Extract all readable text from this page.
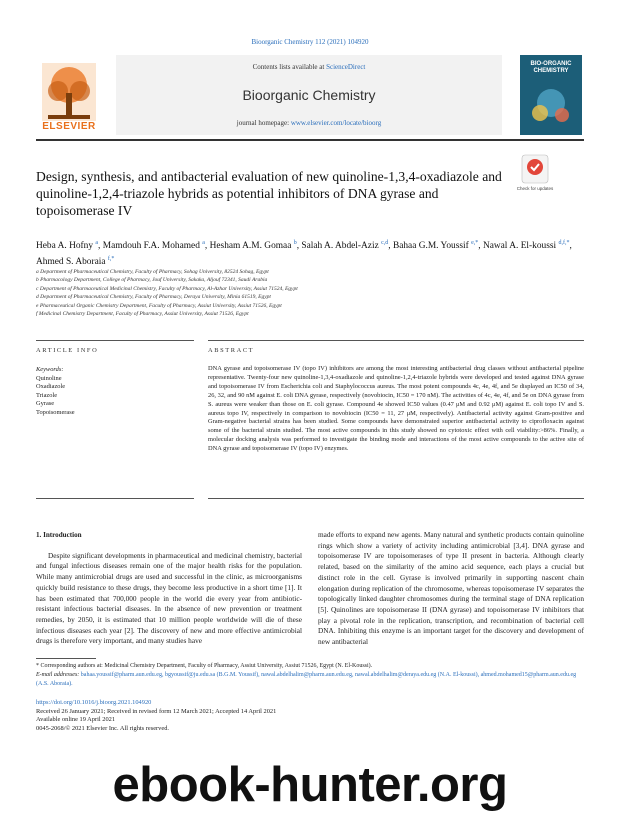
Bioorganic Chemistry 112 (2021) 104920
ELSEVIER
Contents lists available at ScienceDirect
Bioorganic Chemistry
journal homepage: www.elsevier.com/locate/bioorg
BIO-ORGANIC CHEMISTRY
Check for updates
Design, synthesis, and antibacterial evaluation of new quinoline-1,3,4-oxadiazole and quinoline-1,2,4-triazole hybrids as potential inhibitors of DNA gyrase and topoisomerase IV
Heba A. Hofny $^a$, Mamdouh F.A. Mohamed $^a$, Hesham A.M. Gomaa $^b$, Salah A. Abdel-Aziz $^{c,d}$, Bahaa G.M. Youssif $^{e,*}$, Nawal A. El-koussi $^{d,f,*}$, Ahmed S. Aboraia $^{f,*}$
a Department of Pharmaceutical Chemistry, Faculty of Pharmacy, Sohag University, 82524 Sohag, Egypt
b Pharmacology Department, College of Pharmacy, Jouf University, Sakaka, Aljouf 72341, Saudi Arabia
c Department of Pharmaceutical Medicinal Chemistry, Faculty of Pharmacy, Al-Azhar University, Assiut 71524, Egypt
d Department of Pharmaceutical Chemistry, Faculty of Pharmacy, Deraya University, Minia 61519, Egypt
e Pharmaceutical Organic Chemistry Department, Faculty of Pharmacy, Assiut University, Assiut 71526, Egypt
f Medicinal Chemistry Department, Faculty of Pharmacy, Assiut University, Assiut 71526, Egypt
ARTICLE INFO	ABSTRACT
Keywords:
Quinoline
Oxadiazole
Triazole
Gyrase
Topoisomerase
DNA gyrase and topoisomerase IV (topo IV) inhibitors are among the most interesting antibacterial drug classes without antibacterial pipeline representative. Twenty-four new quinoline-1,3,4-oxadiazole and quinoline-1,2,4-triazole hybrids were developed and tested against DNA gyrase and topoisomerase IV from Escherichia coli and Staphylococcus aureus. The most potent compounds 4c, 4e, 4f, and 5e displayed an IC50 of 34, 26, 32, and 90 nM against E. coli DNA gyrase, respectively (novobiocin, IC50 = 170 nM). The activities of 4c, 4e, 4f, and 5e on DNA gyrase from S. aureus were weaker than those on E. coli gyrase. Compound 4e showed IC50 values (0.47 μM and 0.92 μM) against E. coli topo IV and S. aureus topo IV, respectively in comparison to novobiocin (IC50 = 11, 27 μM, respectively). Antibacterial activity against Gram-positive and Gram-negative bacterial strains has been studied. Some compounds have demonstrated superior antibacterial activity to ciprofloxacin against some of the bacterial strain studied. The most active compounds in this study showed no cytotoxic effect with cell viability:>86%. Finally, a molecular docking analysis was performed to investigate the binding mode and interactions of the most active compounds to the active site of DNA gyrase and topoisomerase IV (topo IV) enzymes.
1. Introduction

Despite significant developments in pharmaceutical and medicinal chemistry, bacterial and fungal infectious diseases remain one of the major health risks for the population. While many antimicrobial drugs are used and successful in the clinic, as microorganisms quickly build resistance to these drugs, they become less productive in a short time [1]. It has been estimated that 700,000 people in the world die every year from antibiotic-resistant infectious bacterial diseases. In the absence of new prevention or treatment remedies, by 2050, it is estimated that 10 million people worldwide will die of these infectious diseases each year [2]. The discovery of new and more effective antimicrobial drugs is therefore very important, and many studies have

made efforts to expand new agents. Many natural and synthetic products contain quinoline rings which show a variety of activity including antimicrobial [3,4]. DNA gyrase and topoisomerase IV are topoisomerases of type II present in bacteria. Although clearly related, based on the similarity of the amino acid sequence, each plays a crucial but distinct role in the cell. Gyrase is involved primarily in supporting nascent chain elongation during replication of the chromosome, whereas topoisomerase IV separates the topologically linked daughter chromosomes during the terminal stage of DNA replication [5]. Quinolines are topoisomerase II (DNA gyrase) and topoisomerase IV inhibitors that play a pivotal role in the replication, transcription, and recombination of bacterial cell DNA. Inhibiting this enzyme is an important target for the discovery and development of new antibacterial

* Corresponding authors at: Medicinal Chemistry Department, Faculty of Pharmacy, Assiut University, Assiut 71526, Egypt (N. El-Koussi).
E-mail addresses: bahaa.youssif@pharm.aun.edu.eg, bgyoussif@ju.edu.sa (B.G.M. Youssif), nawal.abdelhalim@pharm.aun.edu.eg, nawal.abdelhalim@deraya.edu.eg (N.A. El-koussi), ahmed.mohamed15@pharm.aun.edu.eg (A.S. Aboraia).
https://doi.org/10.1016/j.bioorg.2021.104920
Received 26 January 2021; Received in revised form 12 March 2021; Accepted 14 April 2021
Available online 19 April 2021
0045-2068/© 2021 Elsevier Inc. All rights reserved.
ebook-hunter.org
